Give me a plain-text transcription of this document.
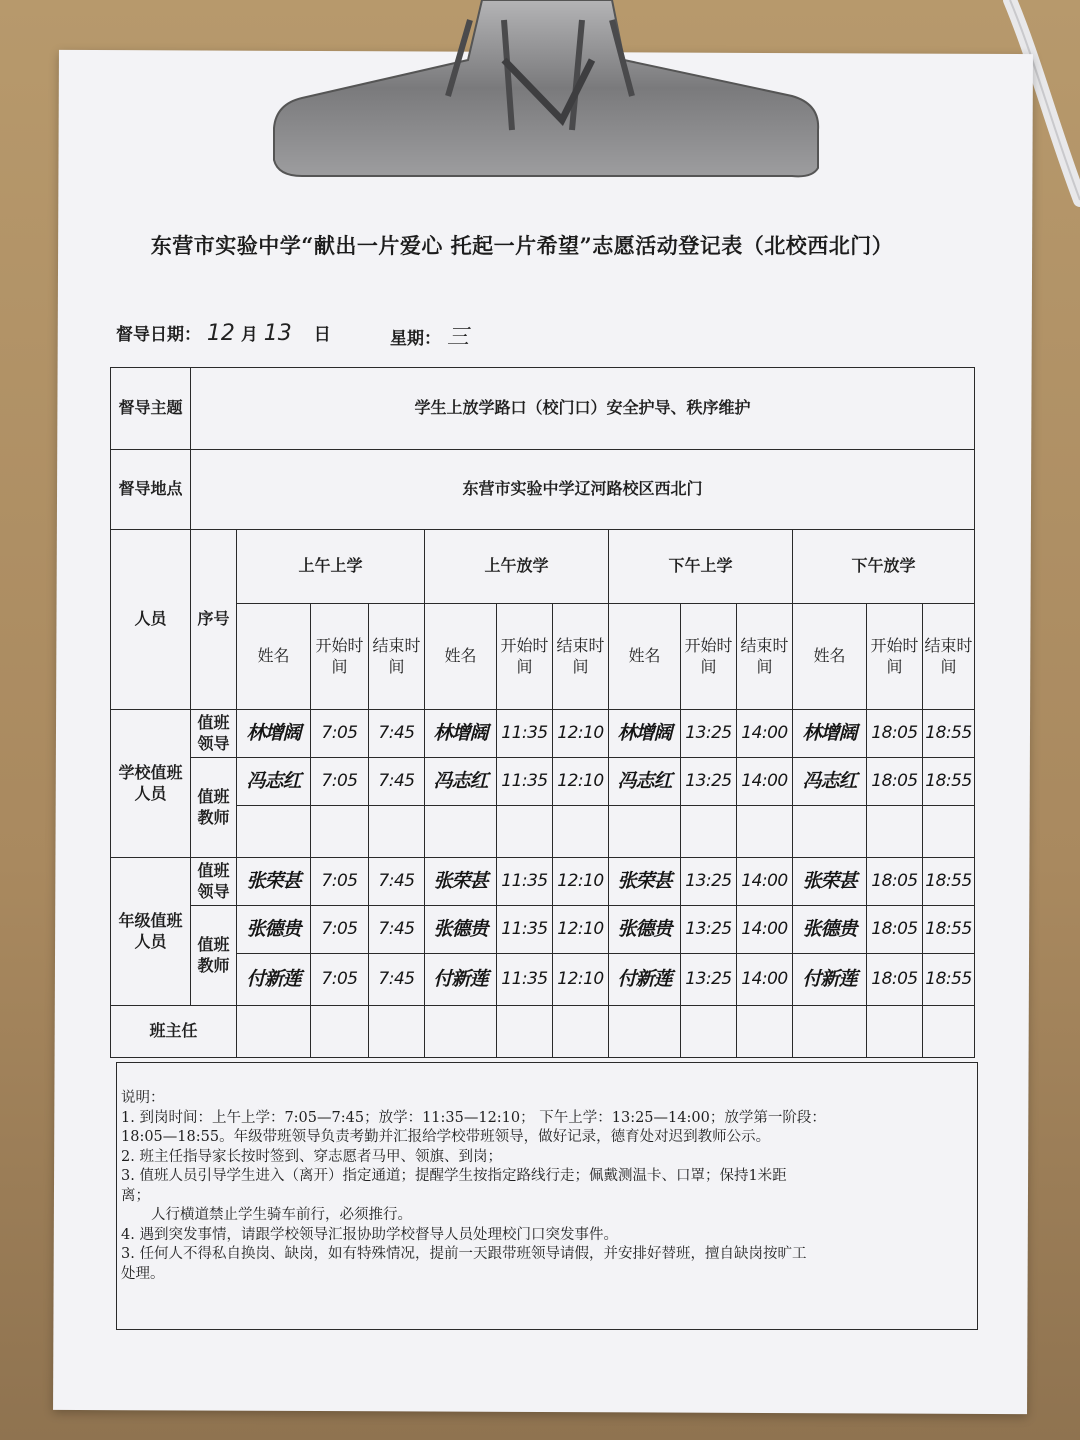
东营市实验中学“献出一片爱心 托起一片希望”志愿活动登记表（北校西北门）
督导日期： 12 月 13 日	星期： 三
督导主题	学生上放学路口（校门口）安全护导、秩序维护												
督导地点	东营市实验中学辽河路校区西北门												
人员	序号	上午上学			上午放学			下午上学			下午放学		
		姓名	开始时间	结束时间	姓名	开始时间	结束时间	姓名	开始时间	结束时间	姓名	开始时间	结束时间
学校值班人员	值班领导	林增阔	7:05	7:45	林增阔	11:35	12:10	林增阔	13:25	14:00	林增阔	18:05	18:55
	值班教师	冯志红	7:05	7:45	冯志红	11:35	12:10	冯志红	13:25	14:00	冯志红	18:05	18:55

年级值班人员	值班领导	张荣甚	7:05	7:45	张荣甚	11:35	12:10	张荣甚	13:25	14:00	张荣甚	18:05	18:55
	值班教师	张德贵	7:05	7:45	张德贵	11:35	12:10	张德贵	13:25	14:00	张德贵	18:05	18:55
		付新莲	7:05	7:45	付新莲	11:35	12:10	付新莲	13:25	14:00	付新莲	18:05	18:55
班主任													

说明：

1. 到岗时间：上午上学：7:05—7:45；放学：11:35—12:10； 下午上学：13:25—14:00；放学第一阶段：

18:05—18:55。年级带班领导负责考勤并汇报给学校带班领导，做好记录，德育处对迟到教师公示。

2. 班主任指导家长按时签到、穿志愿者马甲、领旗、到岗；

3. 值班人员引导学生进入（离开）指定通道；提醒学生按指定路线行走；佩戴测温卡、口罩；保持1米距

离；

人行横道禁止学生骑车前行，必须推行。

4. 遇到突发事情，请跟学校领导汇报协助学校督导人员处理校门口突发事件。

3. 任何人不得私自换岗、缺岗，如有特殊情况，提前一天跟带班领导请假，并安排好替班，擅自缺岗按旷工

处理。
